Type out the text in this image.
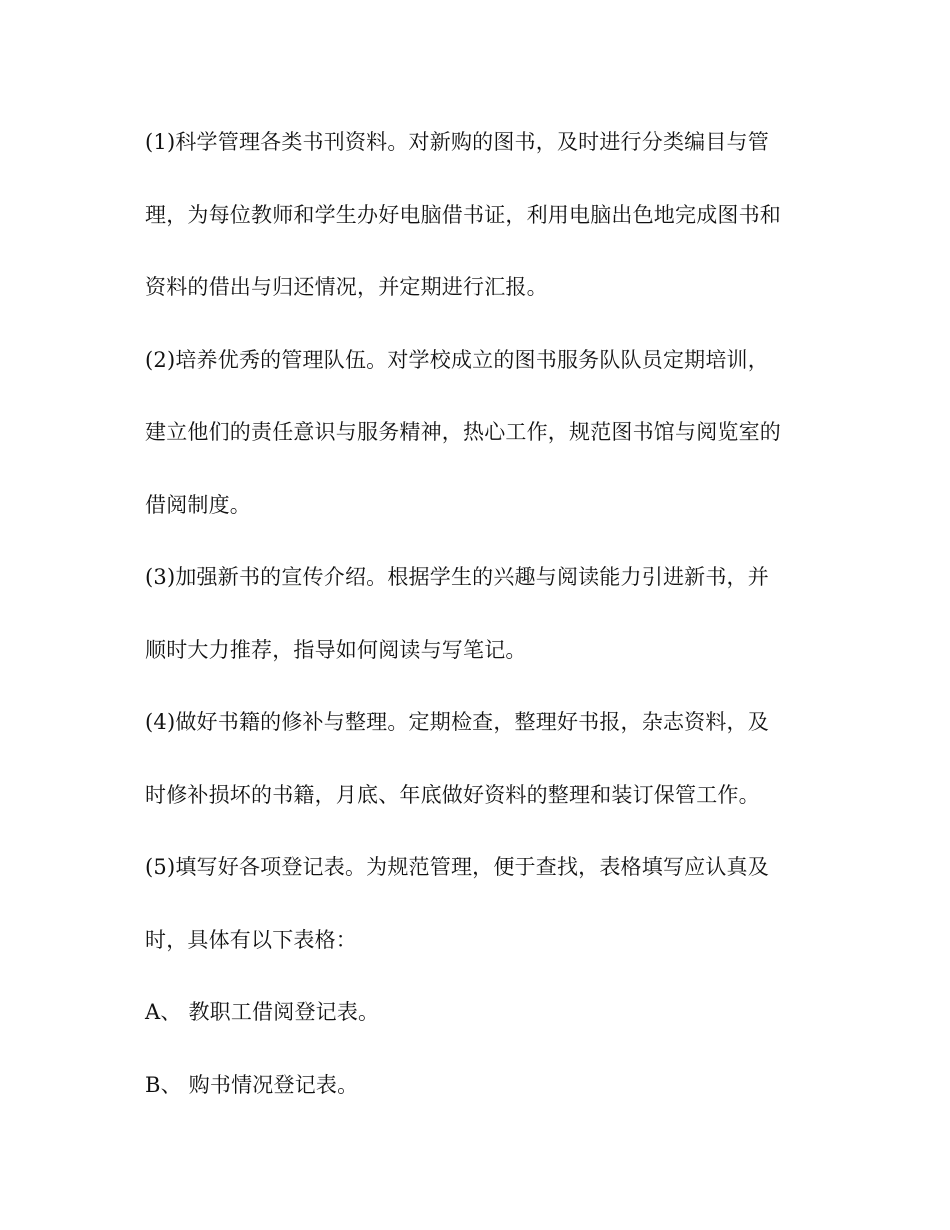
(1)科学管理各类书刊资料。对新购的图书，及时进行分类编目与管
理，为每位教师和学生办好电脑借书证，利用电脑出色地完成图书和
资料的借出与归还情况，并定期进行汇报。
(2)培养优秀的管理队伍。对学校成立的图书服务队队员定期培训，
建立他们的责任意识与服务精神，热心工作，规范图书馆与阅览室的
借阅制度。
(3)加强新书的宣传介绍。根据学生的兴趣与阅读能力引进新书，并
顺时大力推荐，指导如何阅读与写笔记。
(4)做好书籍的修补与整理。定期检查，整理好书报，杂志资料，及
时修补损坏的书籍，月底、年底做好资料的整理和装订保管工作。
(5)填写好各项登记表。为规范管理，便于查找，表格填写应认真及
时，具体有以下表格：
A、 教职工借阅登记表。
B、 购书情况登记表。
